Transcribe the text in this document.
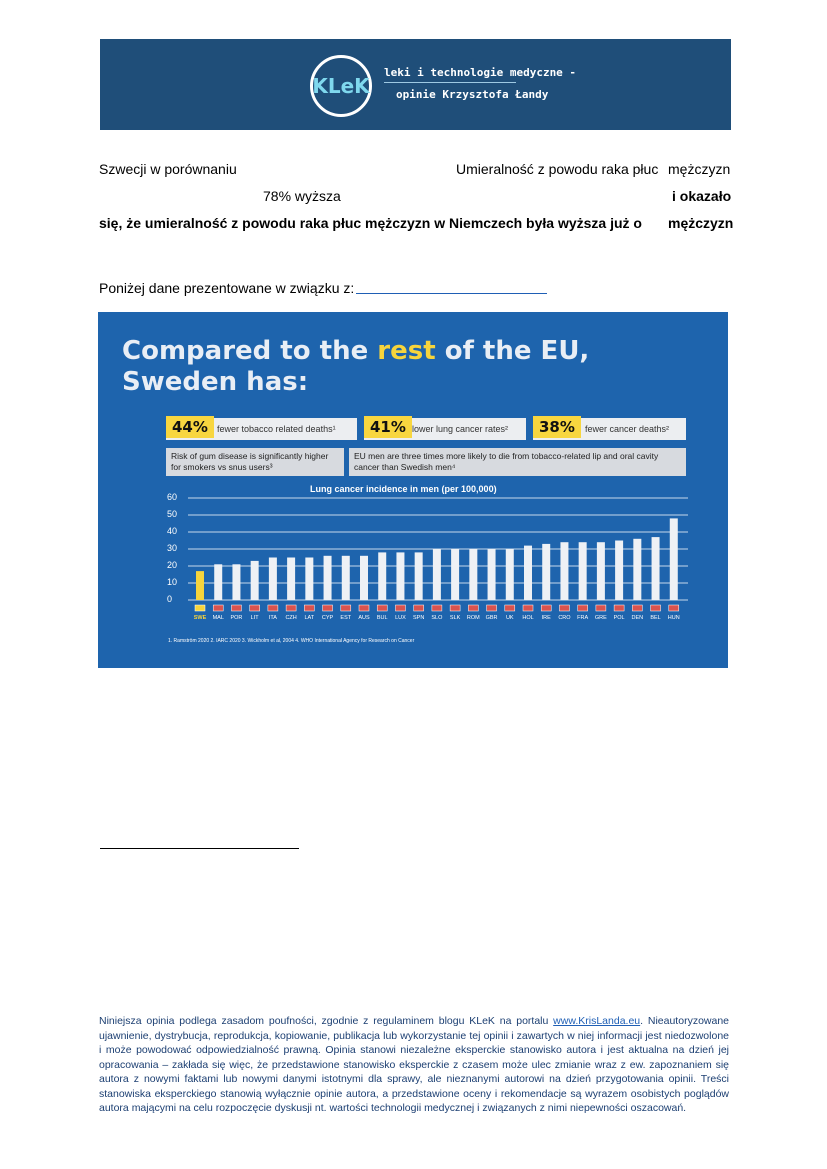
KLeK
leki i technologie medyczne -
opinie Krzysztofa Łandy
Szwecji w porównaniu	Umieralność z powodu raka płuc mężczyzn
78% wyższa	i okazało
się, że umieralność z powodu raka płuc mężczyzn w Niemczech była wyższa już o mężczyzn
Poniżej dane prezentowane w związku z:
Compared to the rest of the EU,
Sweden has:
44%	fewer tobacco related deaths¹	41% lower lung cancer rates²	38%	fewer cancer deaths²
Risk of gum disease is significantly higher for smokers vs snus users³
EU men are three times more likely to die from tobacco-related lip and oral cavity cancer than Swedish men⁴
Lung cancer incidence in men (per 100,000)
0
10
20
30
40
50
60
SWE	MAL	POR	LIT	ITA	CZH	LAT	CYP	EST	AUS	BUL	LUX	SPN	SLO	SLK	ROM	GBR	UK	HOL	IRE	CRO	FRA	GRE	POL	DEN	BEL	HUN
1. Ramström 2020 2. IARC 2020 3. Wickholm et al, 2004 4. WHO International Agency for Research on Cancer
Niniejsza opinia podlega zasadom poufności, zgodnie z regulaminem blogu KLeK na portalu www.KrisLanda.eu. Nieautoryzowane ujawnienie, dystrybucja, reprodukcja, kopiowanie, publikacja lub wykorzystanie tej opinii i zawartych w niej informacji jest niedozwolone i może powodować odpowiedzialność prawną. Opinia stanowi niezależne eksperckie stanowisko autora i jest aktualna na dzień jej opracowania – zakłada się więc, że przedstawione stanowisko eksperckie z czasem może ulec zmianie wraz z ew. zapoznaniem się autora z nowymi faktami lub nowymi danymi istotnymi dla sprawy, ale nieznanymi autorowi na dzień przygotowania opinii. Treści stanowiska eksperckiego stanowią wyłącznie opinie autora, a przedstawione oceny i rekomendacje są wyrazem osobistych poglądów autora mającymi na celu rozpoczęcie dyskusji nt. wartości technologii medycznej i związanych z nimi niepewności oszacowań.
